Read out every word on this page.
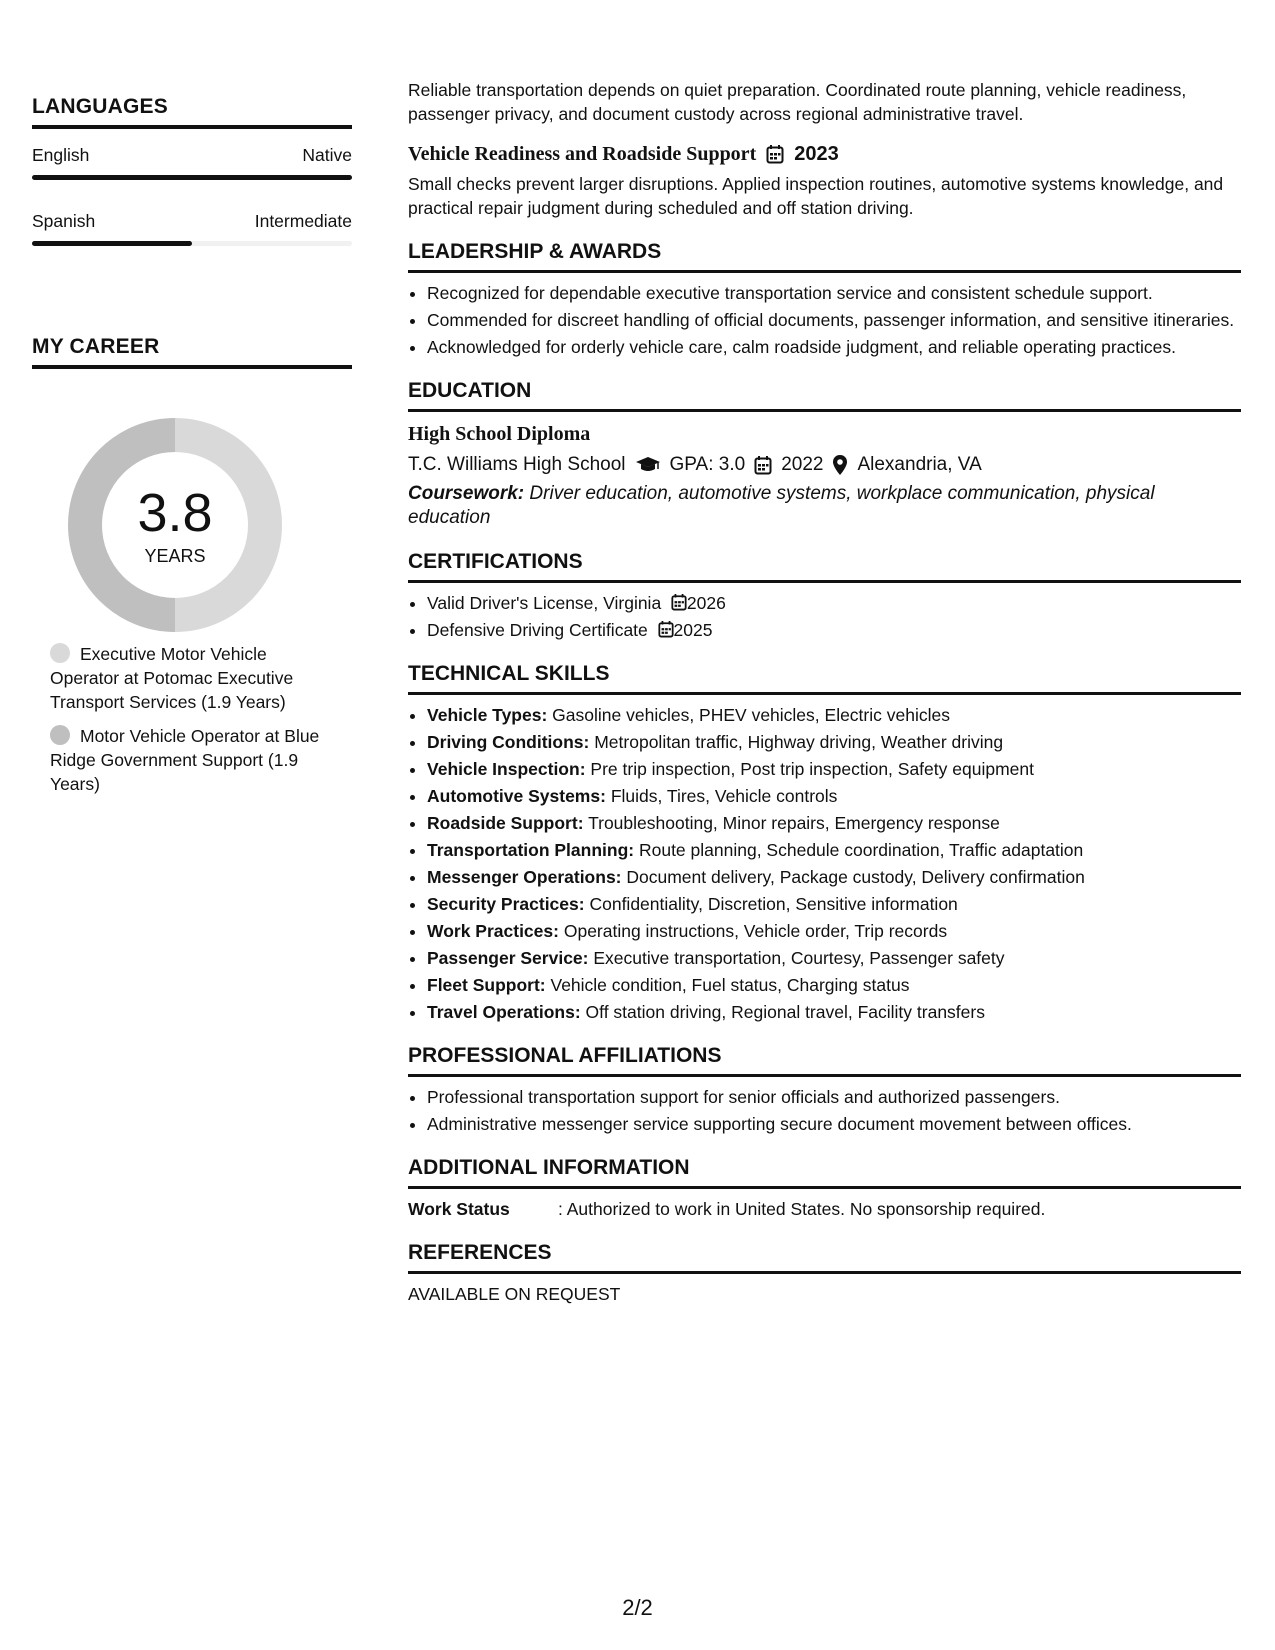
LANGUAGES
English	Native
Spanish	Intermediate
MY CAREER
3.8
YEARS
Executive Motor Vehicle Operator at Potomac Executive Transport Services (1.9 Years)
Motor Vehicle Operator at Blue Ridge Government Support (1.9 Years)

Reliable transportation depends on quiet preparation. Coordinated route planning, vehicle readiness, passenger privacy, and document custody across regional administrative travel.

Vehicle Readiness and Roadside Support 2023

Small checks prevent larger disruptions. Applied inspection routines, automotive systems knowledge, and practical repair judgment during scheduled and off station driving.

LEADERSHIP & AWARDS
• Recognized for dependable executive transportation service and consistent schedule support.
• Commended for discreet handling of official documents, passenger information, and sensitive itineraries.
• Acknowledged for orderly vehicle care, calm roadside judgment, and reliable operating practices.
EDUCATION
High School Diploma
T.C. Williams High School GPA: 3.0 2022 Alexandria, VA
Coursework: Driver education, automotive systems, workplace communication, physical education
CERTIFICATIONS
• Valid Driver's License, Virginia 2026
• Defensive Driving Certificate 2025
TECHNICAL SKILLS
• Vehicle Types: Gasoline vehicles, PHEV vehicles, Electric vehicles
• Driving Conditions: Metropolitan traffic, Highway driving, Weather driving
• Vehicle Inspection: Pre trip inspection, Post trip inspection, Safety equipment
• Automotive Systems: Fluids, Tires, Vehicle controls
• Roadside Support: Troubleshooting, Minor repairs, Emergency response
• Transportation Planning: Route planning, Schedule coordination, Traffic adaptation
• Messenger Operations: Document delivery, Package custody, Delivery confirmation
• Security Practices: Confidentiality, Discretion, Sensitive information
• Work Practices: Operating instructions, Vehicle order, Trip records
• Passenger Service: Executive transportation, Courtesy, Passenger safety
• Fleet Support: Vehicle condition, Fuel status, Charging status
• Travel Operations: Off station driving, Regional travel, Facility transfers
PROFESSIONAL AFFILIATIONS
• Professional transportation support for senior officials and authorized passengers.
• Administrative messenger service supporting secure document movement between offices.
ADDITIONAL INFORMATION
Work Status	: Authorized to work in United States. No sponsorship required.
REFERENCES

AVAILABLE ON REQUEST

2/2
